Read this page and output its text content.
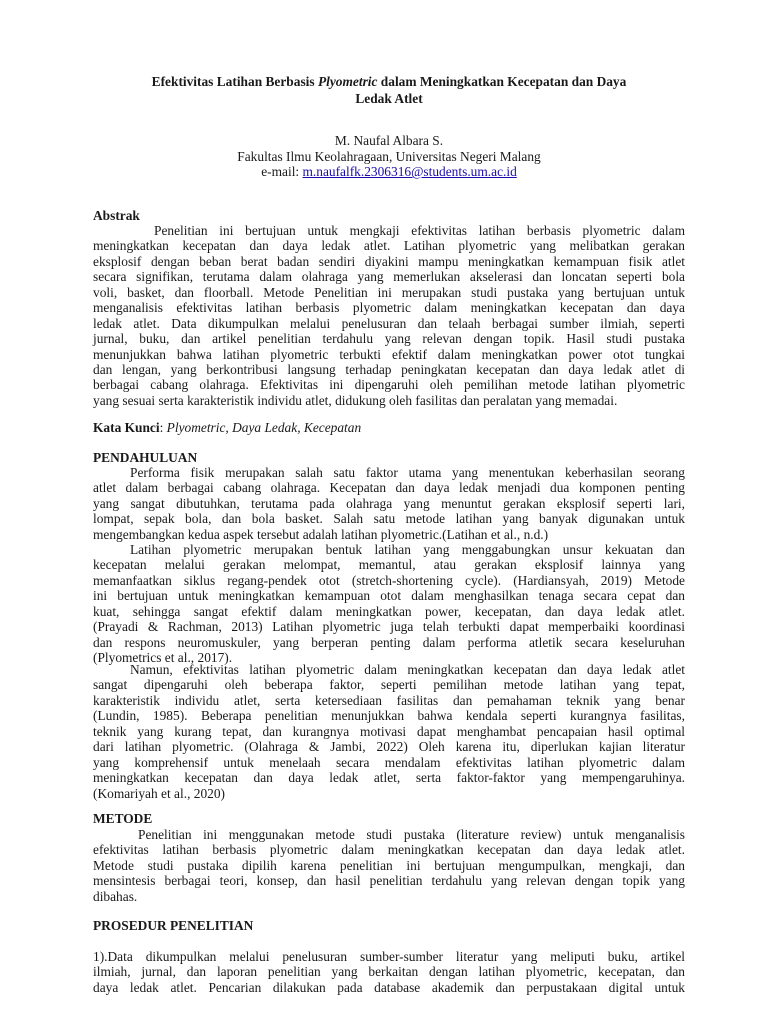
Efektivitas Latihan Berbasis Plyometric dalam Meningkatkan Kecepatan dan Daya
Ledak Atlet
M. Naufal Albara S.
Fakultas Ilmu Keolahragaan, Universitas Negeri Malang
e-mail: m.naufalfk.2306316@students.um.ac.id
Abstrak
Penelitian ini bertujuan untuk mengkaji efektivitas latihan berbasis plyometric dalam
meningkatkan kecepatan dan daya ledak atlet. Latihan plyometric yang melibatkan gerakan
eksplosif dengan beban berat badan sendiri diyakini mampu meningkatkan kemampuan fisik atlet
secara signifikan, terutama dalam olahraga yang memerlukan akselerasi dan loncatan seperti bola
voli, basket, dan floorball. Metode Penelitian ini merupakan studi pustaka yang bertujuan untuk
menganalisis efektivitas latihan berbasis plyometric dalam meningkatkan kecepatan dan daya
ledak atlet. Data dikumpulkan melalui penelusuran dan telaah berbagai sumber ilmiah, seperti
jurnal, buku, dan artikel penelitian terdahulu yang relevan dengan topik. Hasil studi pustaka
menunjukkan bahwa latihan plyometric terbukti efektif dalam meningkatkan power otot tungkai
dan lengan, yang berkontribusi langsung terhadap peningkatan kecepatan dan daya ledak atlet di
berbagai cabang olahraga. Efektivitas ini dipengaruhi oleh pemilihan metode latihan plyometric
yang sesuai serta karakteristik individu atlet, didukung oleh fasilitas dan peralatan yang memadai.
Kata Kunci: Plyometric, Daya Ledak, Kecepatan
PENDAHULUAN
Performa fisik merupakan salah satu faktor utama yang menentukan keberhasilan seorang
atlet dalam berbagai cabang olahraga. Kecepatan dan daya ledak menjadi dua komponen penting
yang sangat dibutuhkan, terutama pada olahraga yang menuntut gerakan eksplosif seperti lari,
lompat, sepak bola, dan bola basket. Salah satu metode latihan yang banyak digunakan untuk
mengembangkan kedua aspek tersebut adalah latihan plyometric.(Latihan et al., n.d.)
Latihan plyometric merupakan bentuk latihan yang menggabungkan unsur kekuatan dan
kecepatan melalui gerakan melompat, memantul, atau gerakan eksplosif lainnya yang
memanfaatkan siklus regang-pendek otot (stretch-shortening cycle). (Hardiansyah, 2019) Metode
ini bertujuan untuk meningkatkan kemampuan otot dalam menghasilkan tenaga secara cepat dan
kuat, sehingga sangat efektif dalam meningkatkan power, kecepatan, dan daya ledak atlet.
(Prayadi & Rachman, 2013) Latihan plyometric juga telah terbukti dapat memperbaiki koordinasi
dan respons neuromuskuler, yang berperan penting dalam performa atletik secara keseluruhan
(Plyometrics et al., 2017).
Namun, efektivitas latihan plyometric dalam meningkatkan kecepatan dan daya ledak atlet
sangat dipengaruhi oleh beberapa faktor, seperti pemilihan metode latihan yang tepat,
karakteristik individu atlet, serta ketersediaan fasilitas dan pemahaman teknik yang benar
(Lundin, 1985). Beberapa penelitian menunjukkan bahwa kendala seperti kurangnya fasilitas,
teknik yang kurang tepat, dan kurangnya motivasi dapat menghambat pencapaian hasil optimal
dari latihan plyometric. (Olahraga & Jambi, 2022) Oleh karena itu, diperlukan kajian literatur
yang komprehensif untuk menelaah secara mendalam efektivitas latihan plyometric dalam
meningkatkan kecepatan dan daya ledak atlet, serta faktor-faktor yang mempengaruhinya.
(Komariyah et al., 2020)
METODE
Penelitian ini menggunakan metode studi pustaka (literature review) untuk menganalisis
efektivitas latihan berbasis plyometric dalam meningkatkan kecepatan dan daya ledak atlet.
Metode studi pustaka dipilih karena penelitian ini bertujuan mengumpulkan, mengkaji, dan
mensintesis berbagai teori, konsep, dan hasil penelitian terdahulu yang relevan dengan topik yang
dibahas.
PROSEDUR PENELITIAN
1).Data dikumpulkan melalui penelusuran sumber-sumber literatur yang meliputi buku, artikel
ilmiah, jurnal, dan laporan penelitian yang berkaitan dengan latihan plyometric, kecepatan, dan
daya ledak atlet. Pencarian dilakukan pada database akademik dan perpustakaan digital untuk
